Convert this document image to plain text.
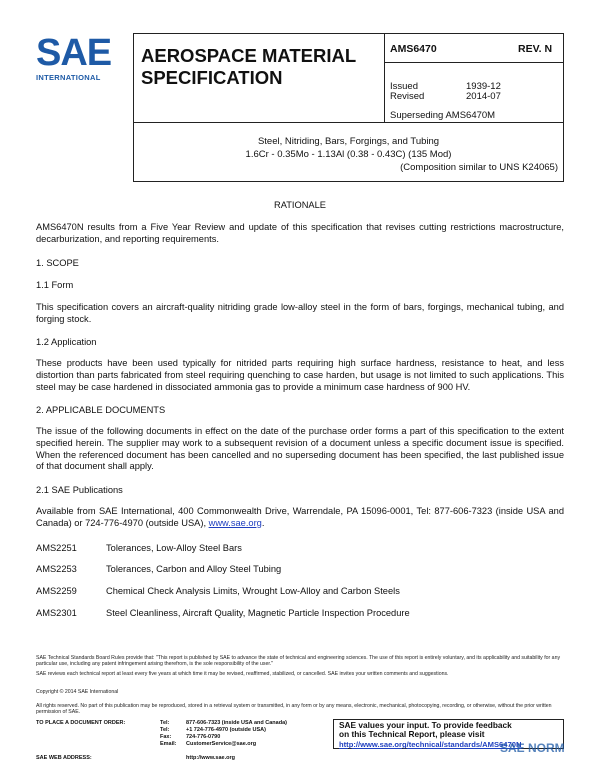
SAE
INTERNATIONAL
AEROSPACE MATERIAL
SPECIFICATION
AMS6470	REV. N
Issued	1939-12
Revised	2014-07
Superseding AMS6470M
Steel, Nitriding, Bars, Forgings, and Tubing
1.6Cr - 0.35Mo - 1.13Al (0.38 - 0.43C) (135 Mod)
(Composition similar to UNS K24065)
RATIONALE
AMS6470N results from a Five Year Review and update of this specification that revises cutting restrictions macrostructure, decarburization, and reporting requirements.
1. SCOPE
1.1 Form
This specification covers an aircraft-quality nitriding grade low-alloy steel in the form of bars, forgings, mechanical tubing, and forging stock.
1.2 Application
These products have been used typically for nitrided parts requiring high surface hardness, resistance to heat, and less distortion than parts fabricated from steel requiring quenching to case harden, but usage is not limited to such applications. This steel may be case hardened in dissociated ammonia gas to provide a minimum case hardness of 900 HV.
2. APPLICABLE DOCUMENTS
The issue of the following documents in effect on the date of the purchase order forms a part of this specification to the extent specified herein. The supplier may work to a subsequent revision of a document unless a specific document issue is specified. When the referenced document has been cancelled and no superseding document has been specified, the last published issue of that document shall apply.
2.1 SAE Publications
Available from SAE International, 400 Commonwealth Drive, Warrendale, PA 15096-0001, Tel: 877-606-7323 (inside USA and Canada) or 724-776-4970 (outside USA), www.sae.org.
AMS2251	Tolerances, Low-Alloy Steel Bars
AMS2253	Tolerances, Carbon and Alloy Steel Tubing
AMS2259	Chemical Check Analysis Limits, Wrought Low-Alloy and Carbon Steels
AMS2301	Steel Cleanliness, Aircraft Quality, Magnetic Particle Inspection Procedure
SAE Technical Standards Board Rules provide that: "This report is published by SAE to advance the state of technical and engineering sciences. The use of this report is entirely voluntary, and its applicability and suitability for any particular use, including any patent infringement arising therefrom, is the sole responsibility of the user."
SAE reviews each technical report at least every five years at which time it may be revised, reaffirmed, stabilized, or cancelled. SAE invites your written comments and suggestions.
Copyright © 2014 SAE International
All rights reserved. No part of this publication may be reproduced, stored in a retrieval system or transmitted, in any form or by any means, electronic, mechanical, photocopying, recording, or otherwise, without the prior written permission of SAE.
TO PLACE A DOCUMENT ORDER:	Tel:	877-606-7323 (inside USA and Canada)
Tel:	+1 724-776-4970 (outside USA)
Fax:	724-776-0790
Email: CustomerService@sae.org
SAE WEB ADDRESS:	http://www.sae.org
SAE values your input. To provide feedback
on this Technical Report, please visit
http://www.sae.org/technical/standards/AMS6470N
SAE NORM
